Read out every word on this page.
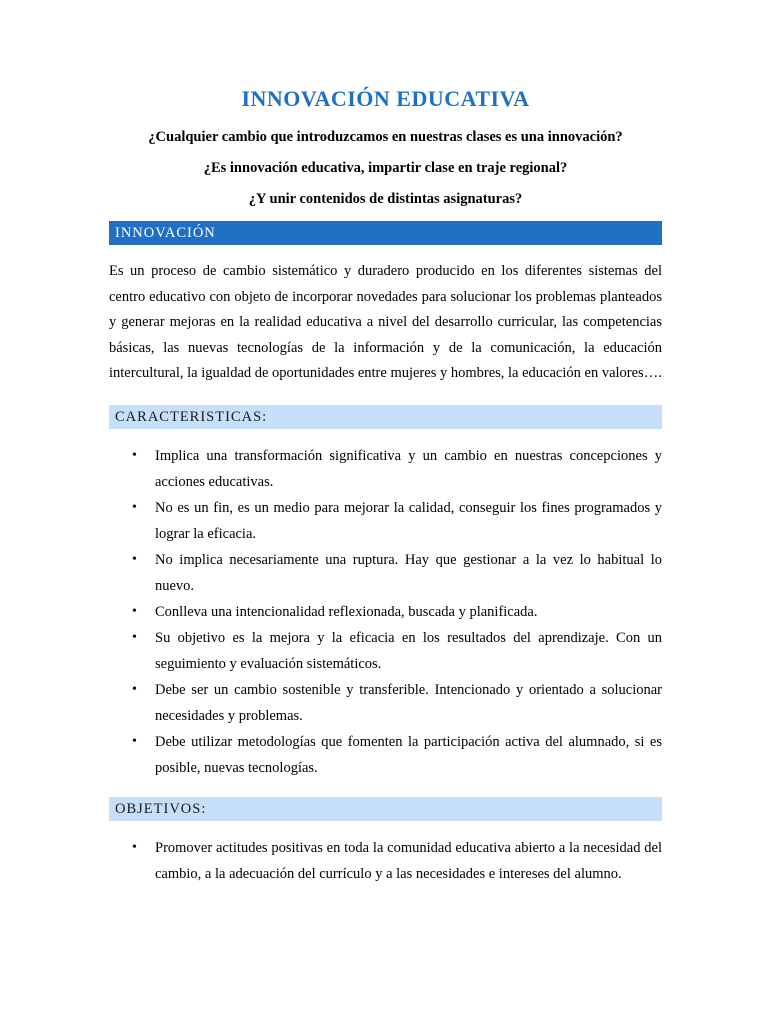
INNOVACIÓN EDUCATIVA

¿Cualquier cambio que introduzcamos en nuestras clases es una innovación?

¿Es innovación educativa, impartir clase en traje regional?

¿Y unir contenidos de distintas asignaturas?

INNOVACIÓN

Es un proceso de cambio sistemático y duradero producido en los diferentes sistemas del centro educativo con objeto de incorporar novedades para solucionar los problemas planteados y generar mejoras en la realidad educativa a nivel del desarrollo curricular, las competencias básicas, las nuevas tecnologías de la información y de la comunicación, la educación intercultural, la igualdad de oportunidades entre mujeres y hombres, la educación en valores….

CARACTERISTICAS:
• Implica una transformación significativa y un cambio en nuestras concepciones y acciones educativas.
• No es un fin, es un medio para mejorar la calidad, conseguir los fines programados y lograr la eficacia.
• No implica necesariamente una ruptura. Hay que gestionar a la vez lo habitual lo nuevo.
• Conlleva una intencionalidad reflexionada, buscada y planificada.
• Su objetivo es la mejora y la eficacia en los resultados del aprendizaje. Con un seguimiento y evaluación sistemáticos.
• Debe ser un cambio sostenible y transferible. Intencionado y orientado a solucionar necesidades y problemas.
• Debe utilizar metodologías que fomenten la participación activa del alumnado, si es posible, nuevas tecnologías.
OBJETIVOS:
• Promover actitudes positivas en toda la comunidad educativa abierto a la necesidad del cambio, a la adecuación del currículo y a las necesidades e intereses del alumno.
